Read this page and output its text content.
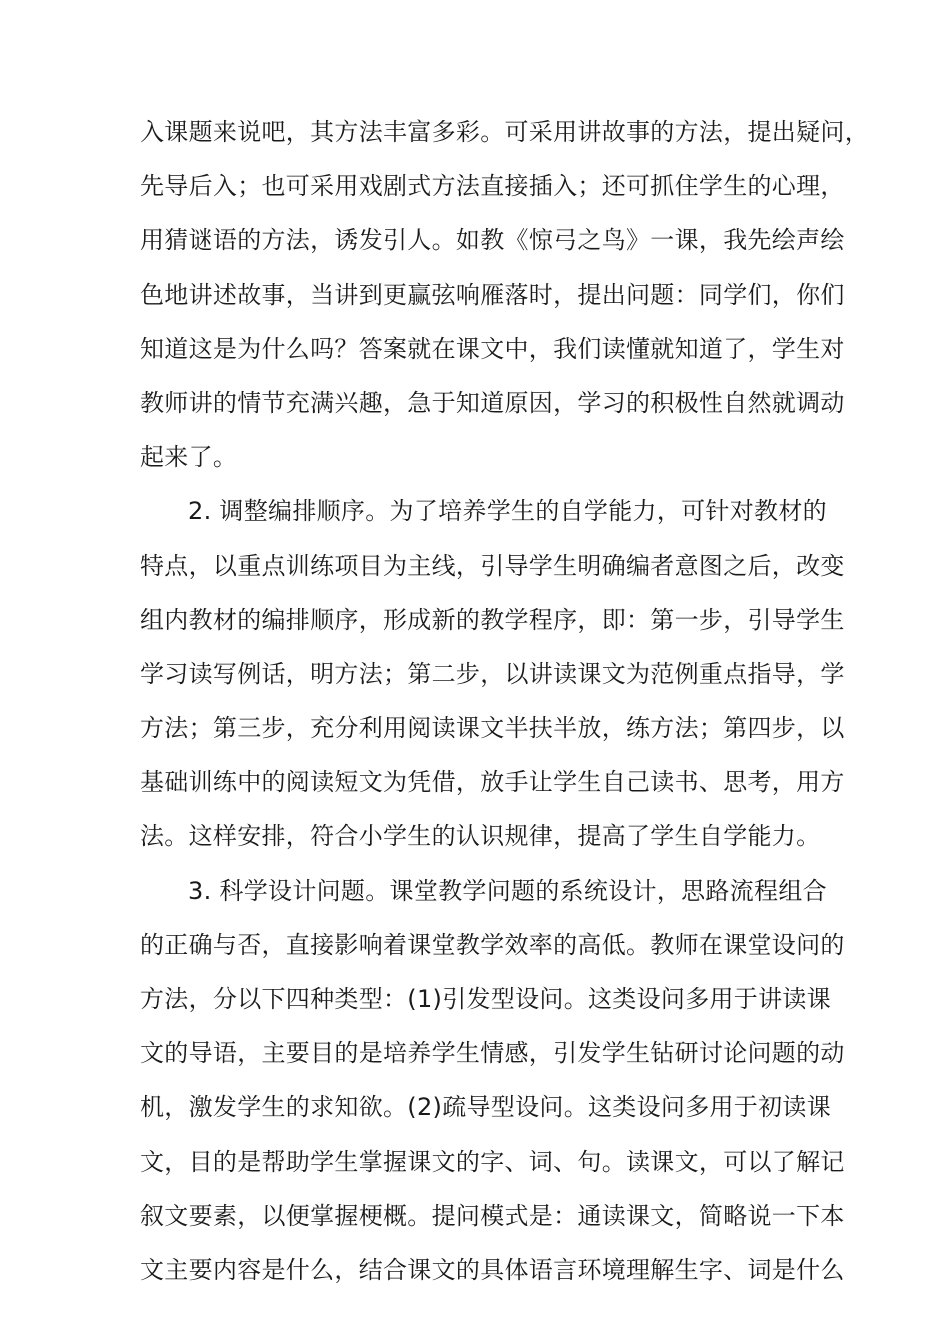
入课题来说吧，其方法丰富多彩。可采用讲故事的方法，提出疑问，
先导后入；也可采用戏剧式方法直接插入；还可抓住学生的心理，
用猜谜语的方法，诱发引人。如教《惊弓之鸟》一课，我先绘声绘
色地讲述故事，当讲到更赢弦响雁落时，提出问题：同学们，你们
知道这是为什么吗？答案就在课文中，我们读懂就知道了，学生对
教师讲的情节充满兴趣，急于知道原因，学习的积极性自然就调动
起来了。
2. 调整编排顺序。为了培养学生的自学能力，可针对教材的
特点，以重点训练项目为主线，引导学生明确编者意图之后，改变
组内教材的编排顺序，形成新的教学程序，即：第一步，引导学生
学习读写例话，明方法；第二步，以讲读课文为范例重点指导，学
方法；第三步，充分利用阅读课文半扶半放，练方法；第四步，以
基础训练中的阅读短文为凭借，放手让学生自己读书、思考，用方
法。这样安排，符合小学生的认识规律，提高了学生自学能力。
3. 科学设计问题。课堂教学问题的系统设计，思路流程组合
的正确与否，直接影响着课堂教学效率的高低。教师在课堂设问的
方法，分以下四种类型：(1)引发型设问。这类设问多用于讲读课
文的导语，主要目的是培养学生情感，引发学生钻研讨论问题的动
机，激发学生的求知欲。(2)疏导型设问。这类设问多用于初读课
文，目的是帮助学生掌握课文的字、词、句。读课文，可以了解记
叙文要素，以便掌握梗概。提问模式是：通读课文，简略说一下本
文主要内容是什么，结合课文的具体语言环境理解生字、词是什么
